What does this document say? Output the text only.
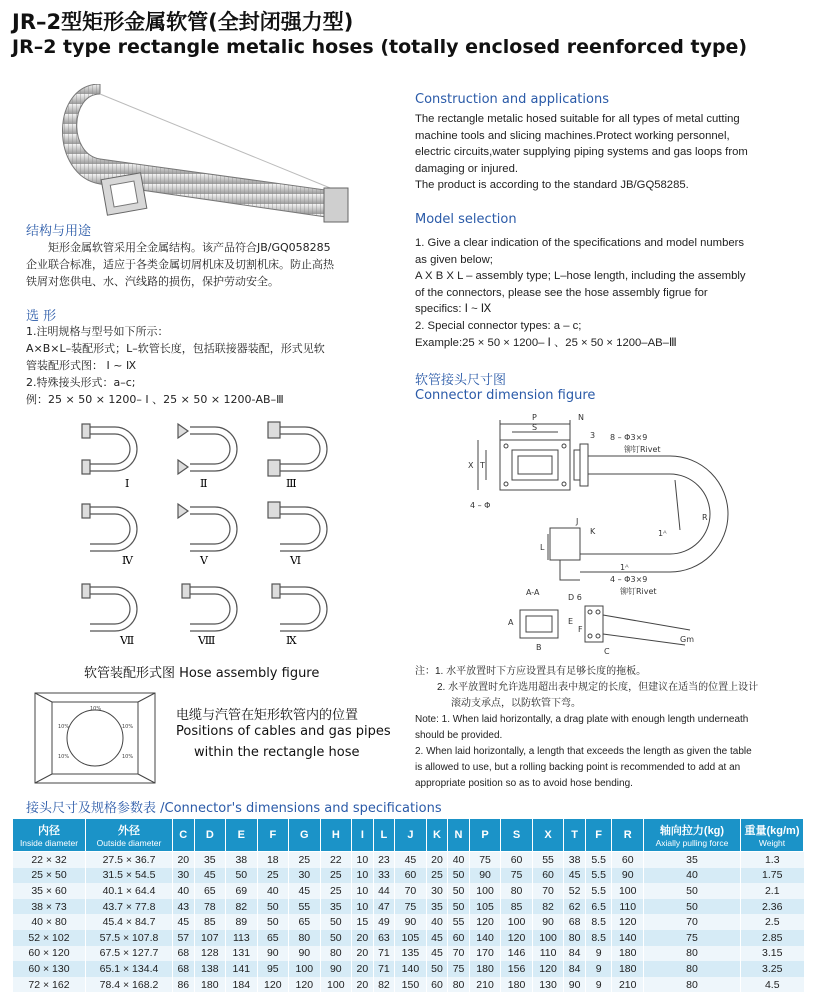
JR–2型矩形金属软管(全封闭强力型)
JR–2 type rectangle metalic hoses (totally enclosed reenforced type)
结构与用途
矩形金属软管采用全金属结构。该产品符合JB/GQ058285
企业联合标准，适应于各类金属切屑机床及切割机床。防止高热
铁屑对您供电、水、汽线路的损伤，保护劳动安全。
选 形
1.注明规格与型号如下所示：
A×B×L–装配形式；L–软管长度，包括联接器装配，形式见软
管装配形式图： Ⅰ ~ Ⅸ
2.特殊接头形式：a–c;
例：25 × 50 × 1200– Ⅰ 、25 × 50 × 1200-AB–Ⅲ
Ⅰ	Ⅱ	Ⅲ
Ⅳ	Ⅴ	Ⅵ
Ⅶ	Ⅷ	Ⅸ
软管装配形式图 Hose assembly figure
10%
10%	10%
10%	10%
电缆与汽管在矩形软管内的位置
Positions of cables and gas pipes
within the rectangle hose
Construction and applications
The rectangle metalic hosed suitable for all types of metal cutting
machine tools and slicing machines.Protect working personnel,
electric circuits,water supplying piping systems and gas loops from
damaging or injured.
The product is according to the standard JB/GQ58285.
Model selection
1. Give a clear indication of the specifications and model numbers
as given below;
A X B X L – assembly type; L–hose length, including the assembly
of the connectors, please see the hose assembly figrue for
specifics: Ⅰ ~ Ⅸ
2. Special connector types: a – c;
Example:25 × 50 × 1200– Ⅰ 、25 × 50 × 1200–AB–Ⅲ
软管接头尺寸图
Connector dimension figure
P
S
N
3
X T
8 – Φ3×9
铆钉Rivet
4 – Φ
J
K
L
1ᴬ
1ᴬ
4 – Φ3×9
铆钉Rivet
A-A
D 6
E
F
A
B	C
Gm
R
注：1. 水平放置时下方应设置具有足够长度的拖板。
2. 水平放置时允许选用超出表中规定的长度，但建议在适当的位置上设计
滚动支承点，以防软管下弯。
Note: 1. When laid horizontally, a drag plate with enough length underneath
should be provided.
2. When laid horizontally, a length that exceeds the length as given the table
is allowed to use, but a rolling backing point is recommended to add at an
appropriate position so as to avoid hose bending.
接头尺寸及规格参数表 /Connector's dimensions and specifications
内径
Inside diameter	外径
Outside diameter	C	D	E	F	G	H	I	L	J	K	N	P	S	X	T	F	R	轴向拉力(kg)
Axially pulling force	重量(kg/m)
Weight

22 × 32	27.5 × 36.7	20	35	38	18	25	22	10	23	45	20	40	75	60	55	38	5.5	60	35	1.3
25 × 50	31.5 × 54.5	30	45	50	25	30	25	10	33	60	25	50	90	75	60	45	5.5	90	40	1.75
35 × 60	40.1 × 64.4	40	65	69	40	45	25	10	44	70	30	50	100	80	70	52	5.5	100	50	2.1
38 × 73	43.7 × 77.8	43	78	82	50	55	35	10	47	75	35	50	105	85	82	62	6.5	110	50	2.36
40 × 80	45.4 × 84.7	45	85	89	50	65	50	15	49	90	40	55	120	100	90	68	8.5	120	70	2.5
52 × 102	57.5 × 107.8	57	107	113	65	80	50	20	63	105	45	60	140	120	100	80	8.5	140	75	2.85
60 × 120	67.5 × 127.7	68	128	131	90	90	80	20	71	135	45	70	170	146	110	84	9	180	80	3.15
60 × 130	65.1 × 134.4	68	138	141	95	100	90	20	71	140	50	75	180	156	120	84	9	180	80	3.25
72 × 162	78.4 × 168.2	86	180	184	120	120	100	20	82	150	60	80	210	180	130	90	9	210	80	4.5
